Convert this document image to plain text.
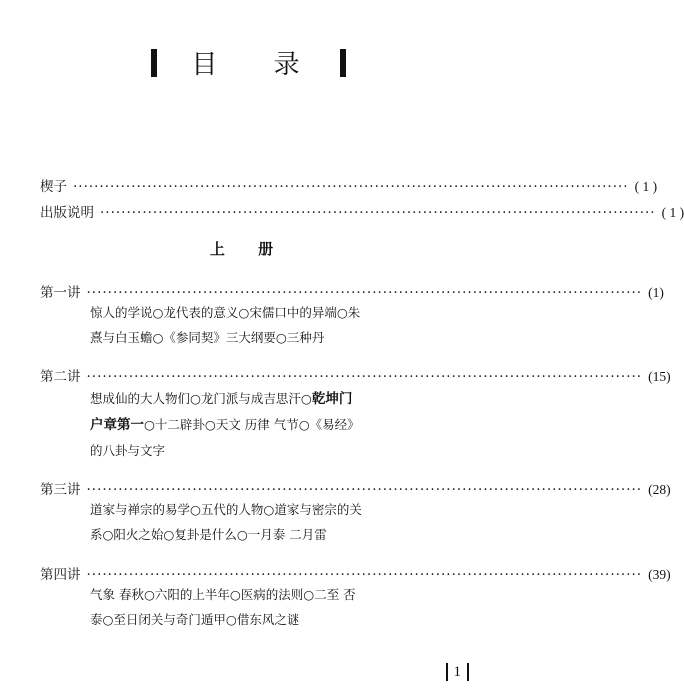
目 录
楔子 ········································································································· ( 1 )
出版说明 ········································································································· ( 1 )
上 册
第一讲 ········································································································· (1)
惊人的学说○龙代表的意义○宋儒口中的异端○朱
熹与白玉蟾○《参同契》三大纲要○三种丹
第二讲 ········································································································· (15)
想成仙的大人物们○龙门派与成吉思汗○乾坤门
户章第一○十二辟卦○天文 历律 气节○《易经》
的八卦与文字
第三讲 ········································································································· (28)
道家与禅宗的易学○五代的人物○道家与密宗的关
系○阳火之始○复卦是什么○一月泰 二月雷
第四讲 ········································································································· (39)
气象 春秋○六阳的上半年○医病的法则○二至 否
泰○至日闭关与奇门遁甲○借东风之谜
1
